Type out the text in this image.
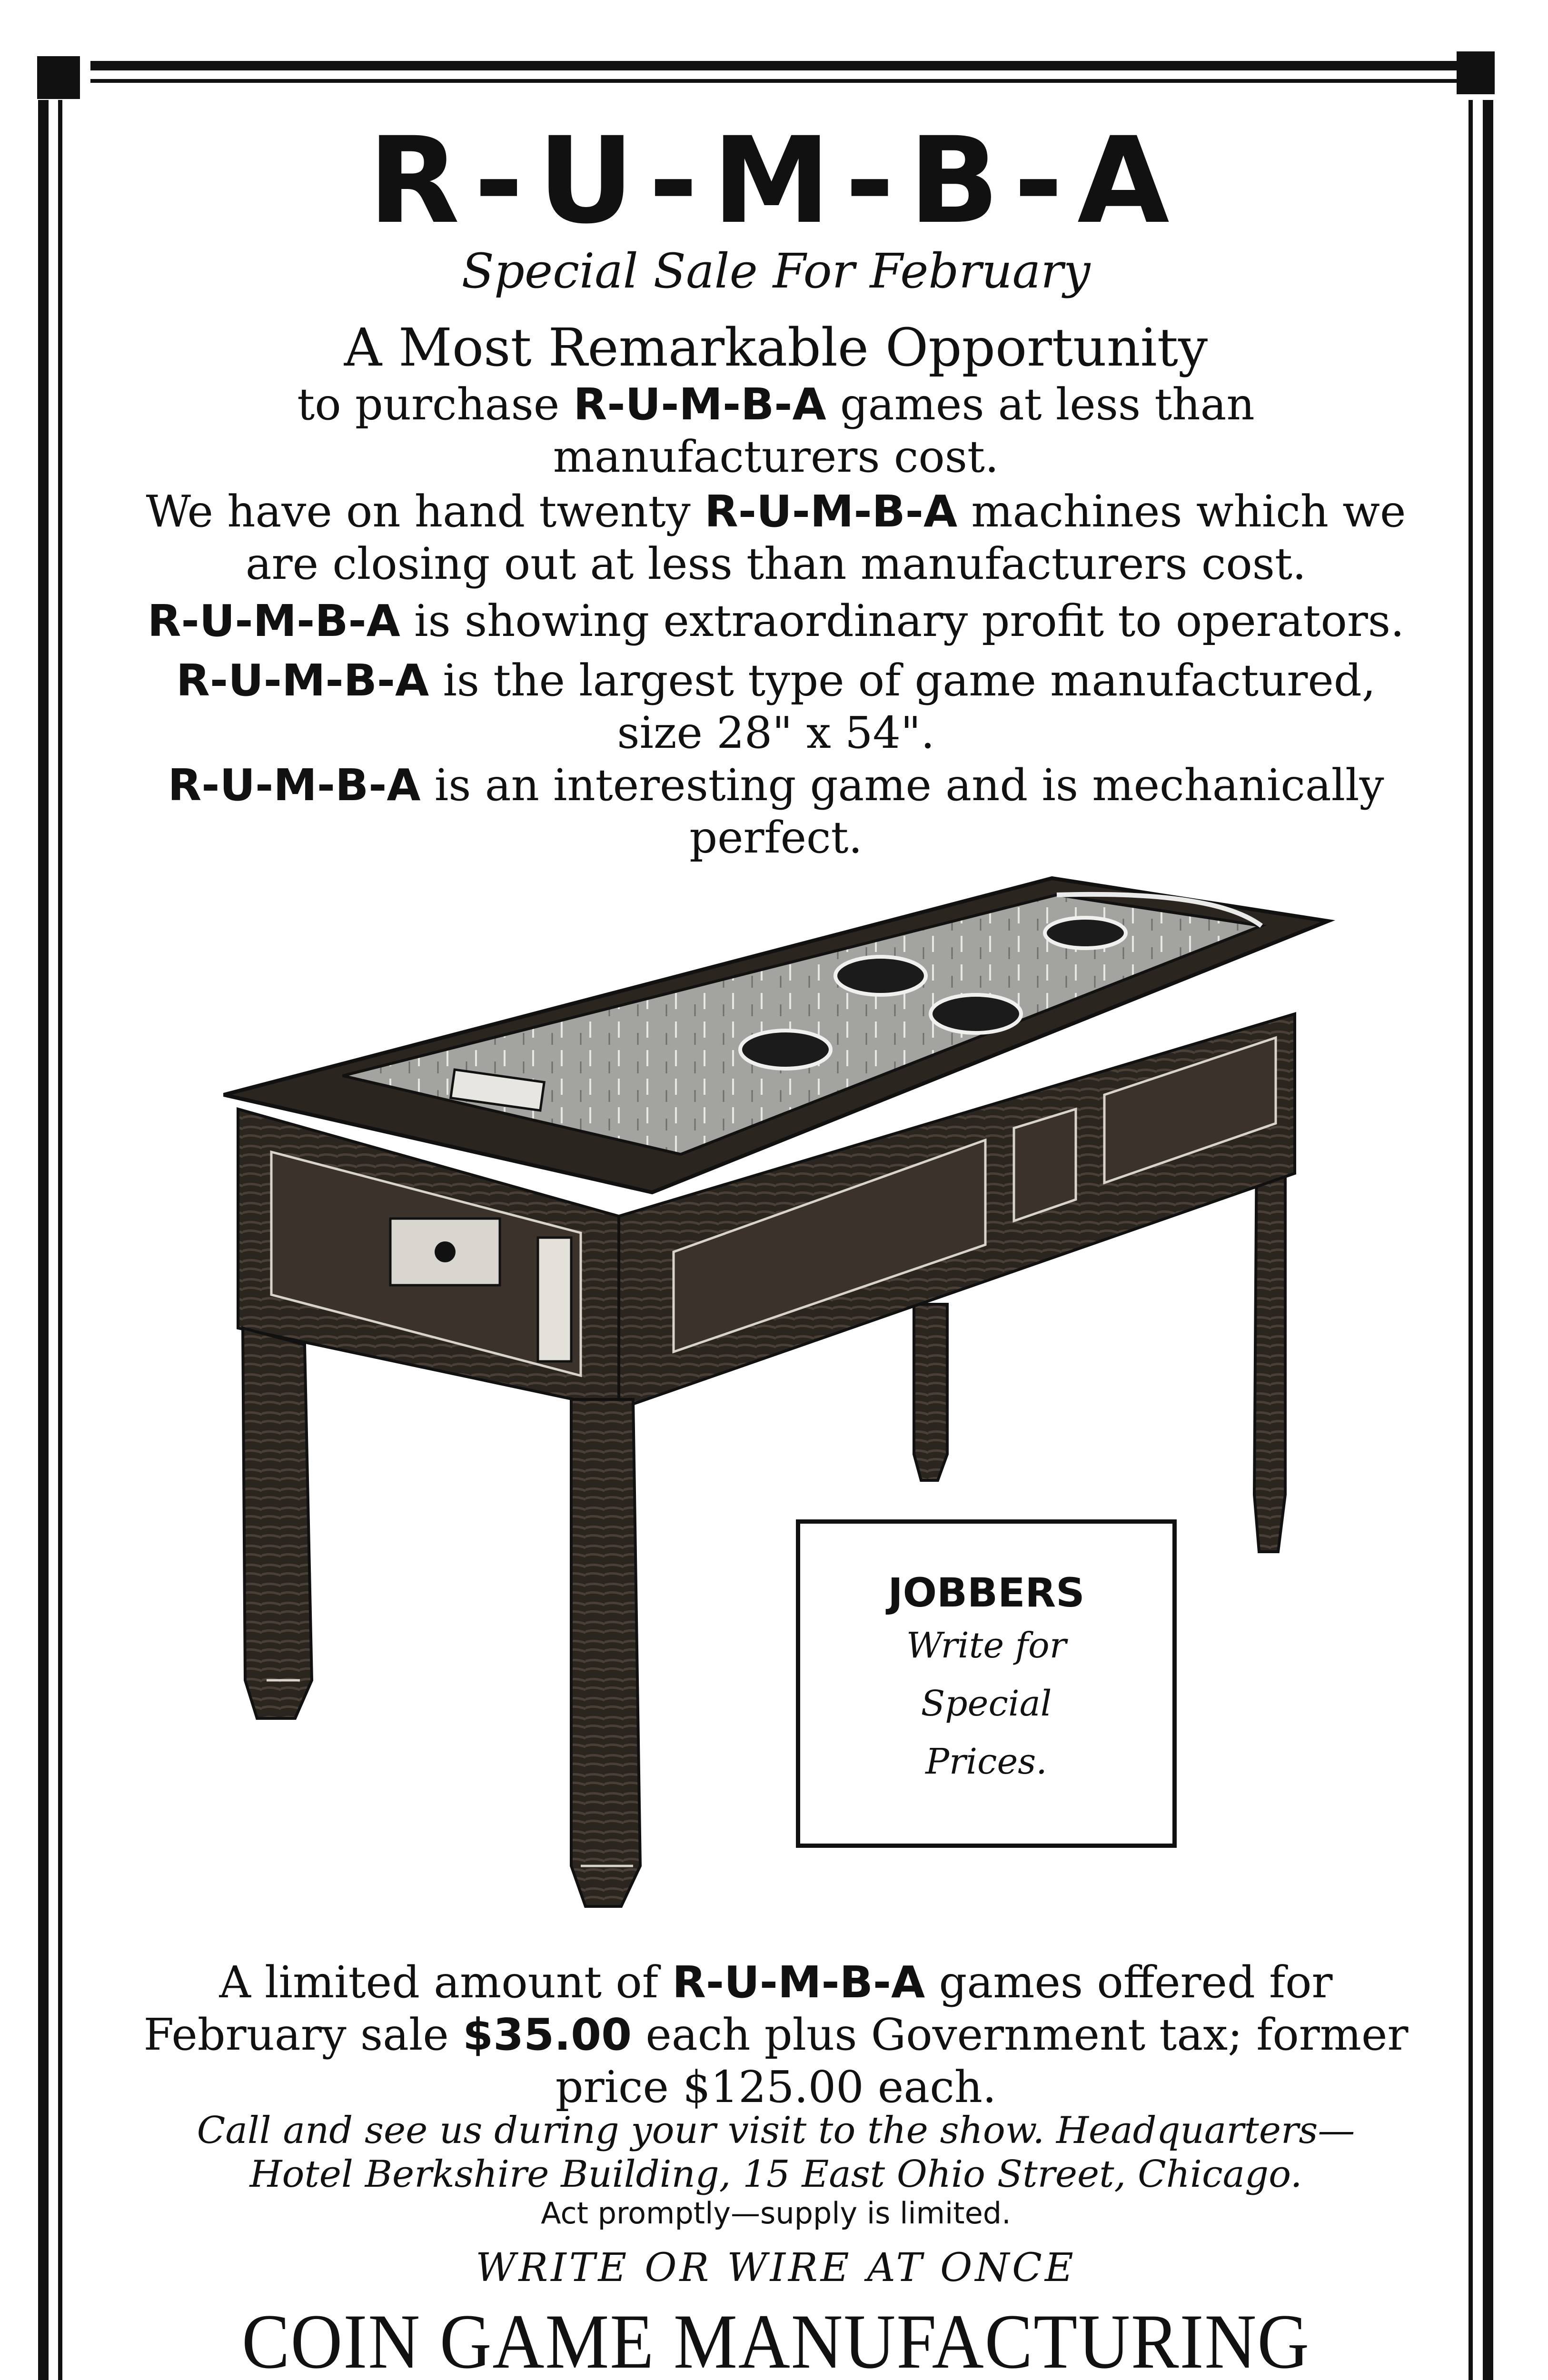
R-U-M-B-A
Special Sale For February
A Most Remarkable Opportunity
to purchase R-U-M-B-A games at less than manufacturers cost.
We have on hand twenty R-U-M-B-A machines which we are closing out at less than manufacturers cost.
R-U-M-B-A is showing extraordinary profit to operators.
R-U-M-B-A is the largest type of game manufactured, size 28" x 54".
R-U-M-B-A is an interesting game and is mechanically perfect.
JOBBERS
Write for
Special
Prices.
A limited amount of R-U-M-B-A games offered for February sale $35.00 each plus Government tax; former price $125.00 each.
Call and see us during your visit to the show. Headquarters— Hotel Berkshire Building, 15 East Ohio Street, Chicago.
Act promptly—supply is limited.
WRITE OR WIRE AT ONCE
COIN GAME MANUFACTURING
